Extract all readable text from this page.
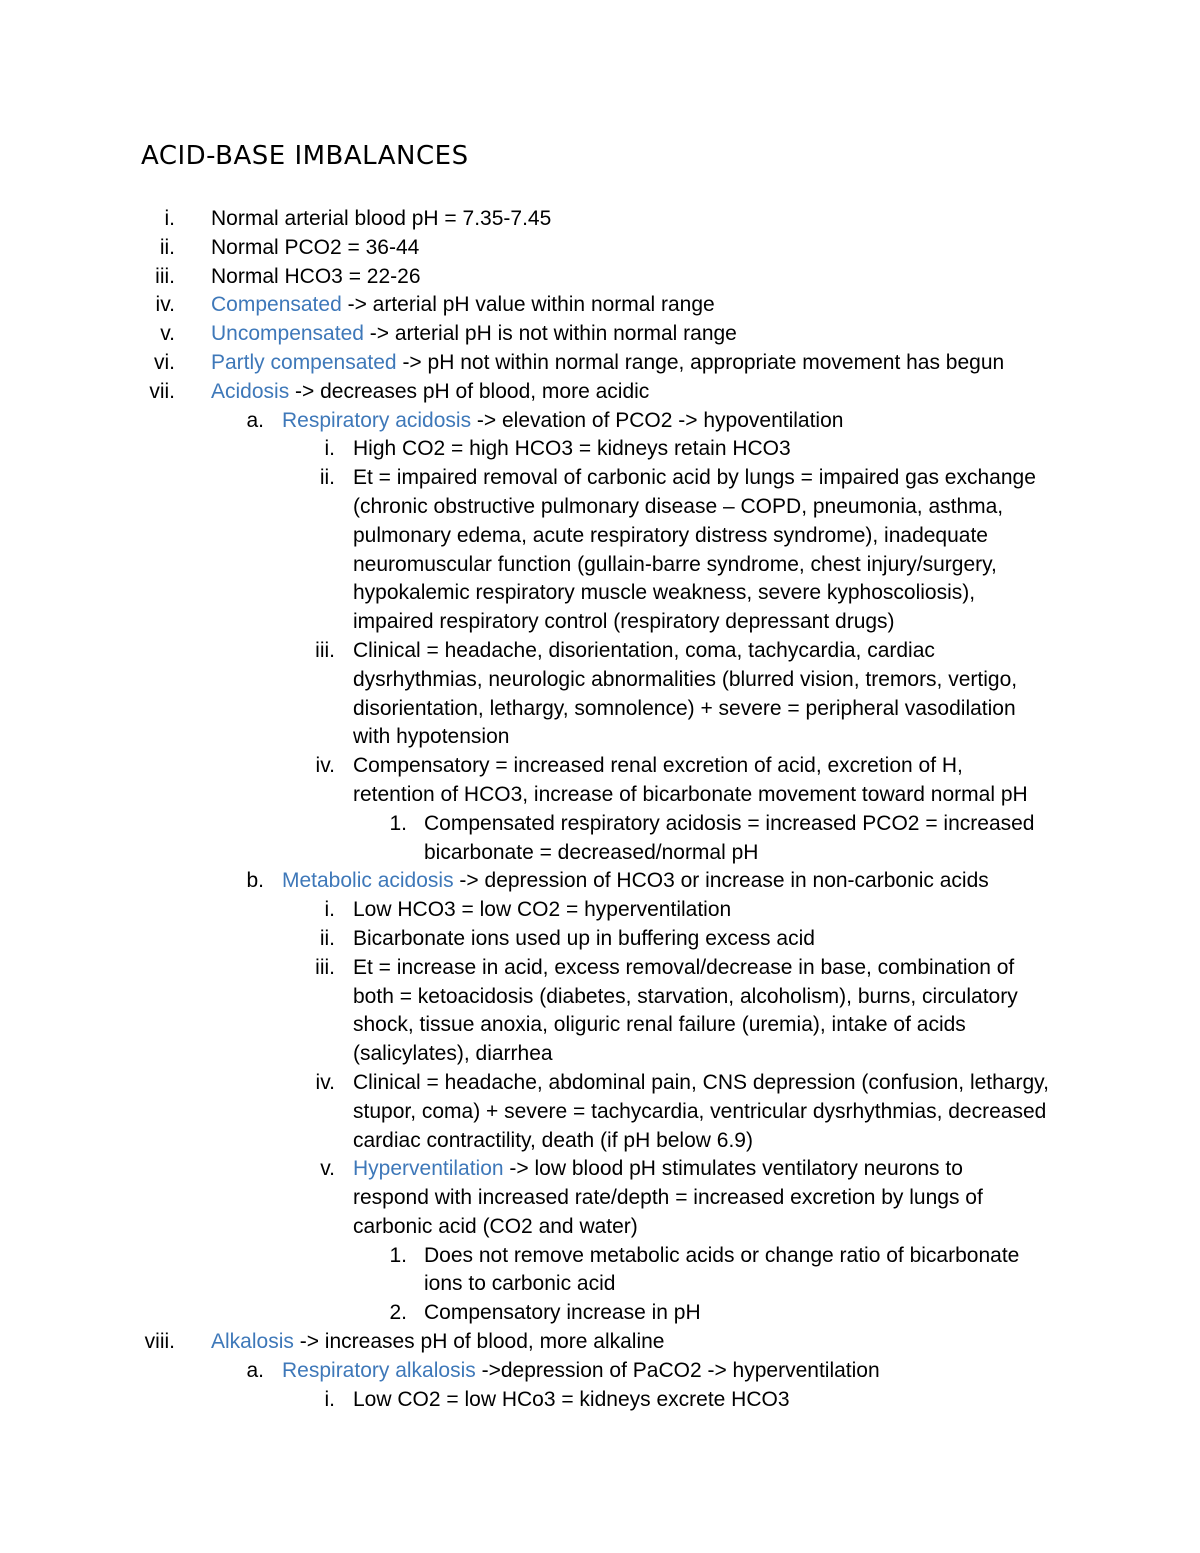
ACID-BASE IMBALANCES
i. Normal arterial blood pH = 7.35-7.45
ii. Normal PCO2 = 36-44
iii. Normal HCO3 = 22-26
iv. Compensated -> arterial pH value within normal range
v. Uncompensated -> arterial pH is not within normal range
vi. Partly compensated -> pH not within normal range, appropriate movement has begun
vii. Acidosis -> decreases pH of blood, more acidic
a. Respiratory acidosis -> elevation of PCO2 -> hypoventilation
i. High CO2 = high HCO3 = kidneys retain HCO3
ii. Et = impaired removal of carbonic acid by lungs = impaired gas exchange
(chronic obstructive pulmonary disease – COPD, pneumonia, asthma,
pulmonary edema, acute respiratory distress syndrome), inadequate
neuromuscular function (gullain-barre syndrome, chest injury/surgery,
hypokalemic respiratory muscle weakness, severe kyphoscoliosis),
impaired respiratory control (respiratory depressant drugs)
iii. Clinical = headache, disorientation, coma, tachycardia, cardiac
dysrhythmias, neurologic abnormalities (blurred vision, tremors, vertigo,
disorientation, lethargy, somnolence) + severe = peripheral vasodilation
with hypotension
iv. Compensatory = increased renal excretion of acid, excretion of H,
retention of HCO3, increase of bicarbonate movement toward normal pH
1. Compensated respiratory acidosis = increased PCO2 = increased
bicarbonate = decreased/normal pH
b. Metabolic acidosis -> depression of HCO3 or increase in non-carbonic acids
i. Low HCO3 = low CO2 = hyperventilation
ii. Bicarbonate ions used up in buffering excess acid
iii. Et = increase in acid, excess removal/decrease in base, combination of
both = ketoacidosis (diabetes, starvation, alcoholism), burns, circulatory
shock, tissue anoxia, oliguric renal failure (uremia), intake of acids
(salicylates), diarrhea
iv. Clinical = headache, abdominal pain, CNS depression (confusion, lethargy,
stupor, coma) + severe = tachycardia, ventricular dysrhythmias, decreased
cardiac contractility, death (if pH below 6.9)
v. Hyperventilation -> low blood pH stimulates ventilatory neurons to
respond with increased rate/depth = increased excretion by lungs of
carbonic acid (CO2 and water)
1. Does not remove metabolic acids or change ratio of bicarbonate
ions to carbonic acid
2. Compensatory increase in pH
viii. Alkalosis -> increases pH of blood, more alkaline
a. Respiratory alkalosis ->depression of PaCO2 -> hyperventilation
i. Low CO2 = low HCo3 = kidneys excrete HCO3
